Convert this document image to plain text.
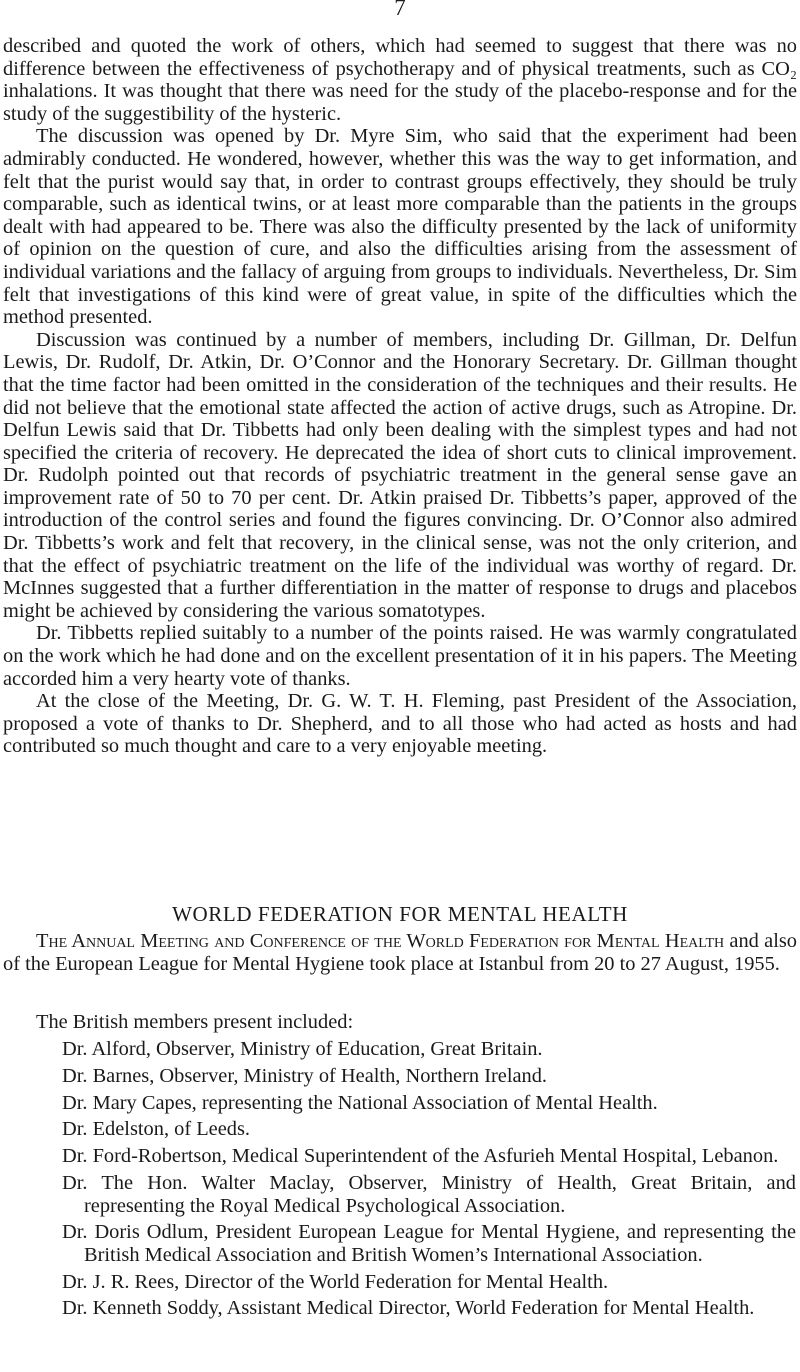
7

described and quoted the work of others, which had seemed to suggest that there was no difference between the effectiveness of psychotherapy and of physical treatments, such as CO₂ inhalations. It was thought that there was need for the study of the placebo-response and for the study of the suggestibility of the hysteric.

The discussion was opened by Dr. Myre Sim, who said that the experiment had been admirably conducted. He wondered, however, whether this was the way to get information, and felt that the purist would say that, in order to contrast groups effectively, they should be truly comparable, such as identical twins, or at least more comparable than the patients in the groups dealt with had appeared to be. There was also the difficulty presented by the lack of uniformity of opinion on the question of cure, and also the difficulties arising from the assessment of individual variations and the fallacy of arguing from groups to individuals. Nevertheless, Dr. Sim felt that investigations of this kind were of great value, in spite of the difficulties which the method presented.

Discussion was continued by a number of members, including Dr. Gillman, Dr. Delfun Lewis, Dr. Rudolf, Dr. Atkin, Dr. O’Connor and the Honorary Secretary. Dr. Gillman thought that the time factor had been omitted in the consideration of the techniques and their results. He did not believe that the emotional state affected the action of active drugs, such as Atropine. Dr. Delfun Lewis said that Dr. Tibbetts had only been dealing with the simplest types and had not specified the criteria of recovery. He deprecated the idea of short cuts to clinical improvement. Dr. Rudolph pointed out that records of psychiatric treatment in the general sense gave an improvement rate of 50 to 70 per cent. Dr. Atkin praised Dr. Tibbetts’s paper, approved of the introduction of the control series and found the figures convincing. Dr. O’Connor also admired Dr. Tibbetts’s work and felt that recovery, in the clinical sense, was not the only criterion, and that the effect of psychiatric treatment on the life of the individual was worthy of regard. Dr. McInnes suggested that a further differentiation in the matter of response to drugs and placebos might be achieved by considering the various somatotypes.

Dr. Tibbetts replied suitably to a number of the points raised. He was warmly congratulated on the work which he had done and on the excellent presentation of it in his papers. The Meeting accorded him a very hearty vote of thanks.

At the close of the Meeting, Dr. G. W. T. H. Fleming, past President of the Association, proposed a vote of thanks to Dr. Shepherd, and to all those who had acted as hosts and had contributed so much thought and care to a very enjoyable meeting.

WORLD FEDERATION FOR MENTAL HEALTH

The Annual Meeting and Conference of the World Federation for Mental Health and also of the European League for Mental Hygiene took place at Istanbul from 20 to 27 August, 1955.

The British members present included:
Dr. Alford, Observer, Ministry of Education, Great Britain.
Dr. Barnes, Observer, Ministry of Health, Northern Ireland.
Dr. Mary Capes, representing the National Association of Mental Health.
Dr. Edelston, of Leeds.
Dr. Ford-Robertson, Medical Superintendent of the Asfurieh Mental Hospital, Lebanon.
Dr. The Hon. Walter Maclay, Observer, Ministry of Health, Great Britain, and representing the Royal Medical Psychological Association.
Dr. Doris Odlum, President European League for Mental Hygiene, and representing the British Medical Association and British Women’s International Association.
Dr. J. R. Rees, Director of the World Federation for Mental Health.
Dr. Kenneth Soddy, Assistant Medical Director, World Federation for Mental Health.
